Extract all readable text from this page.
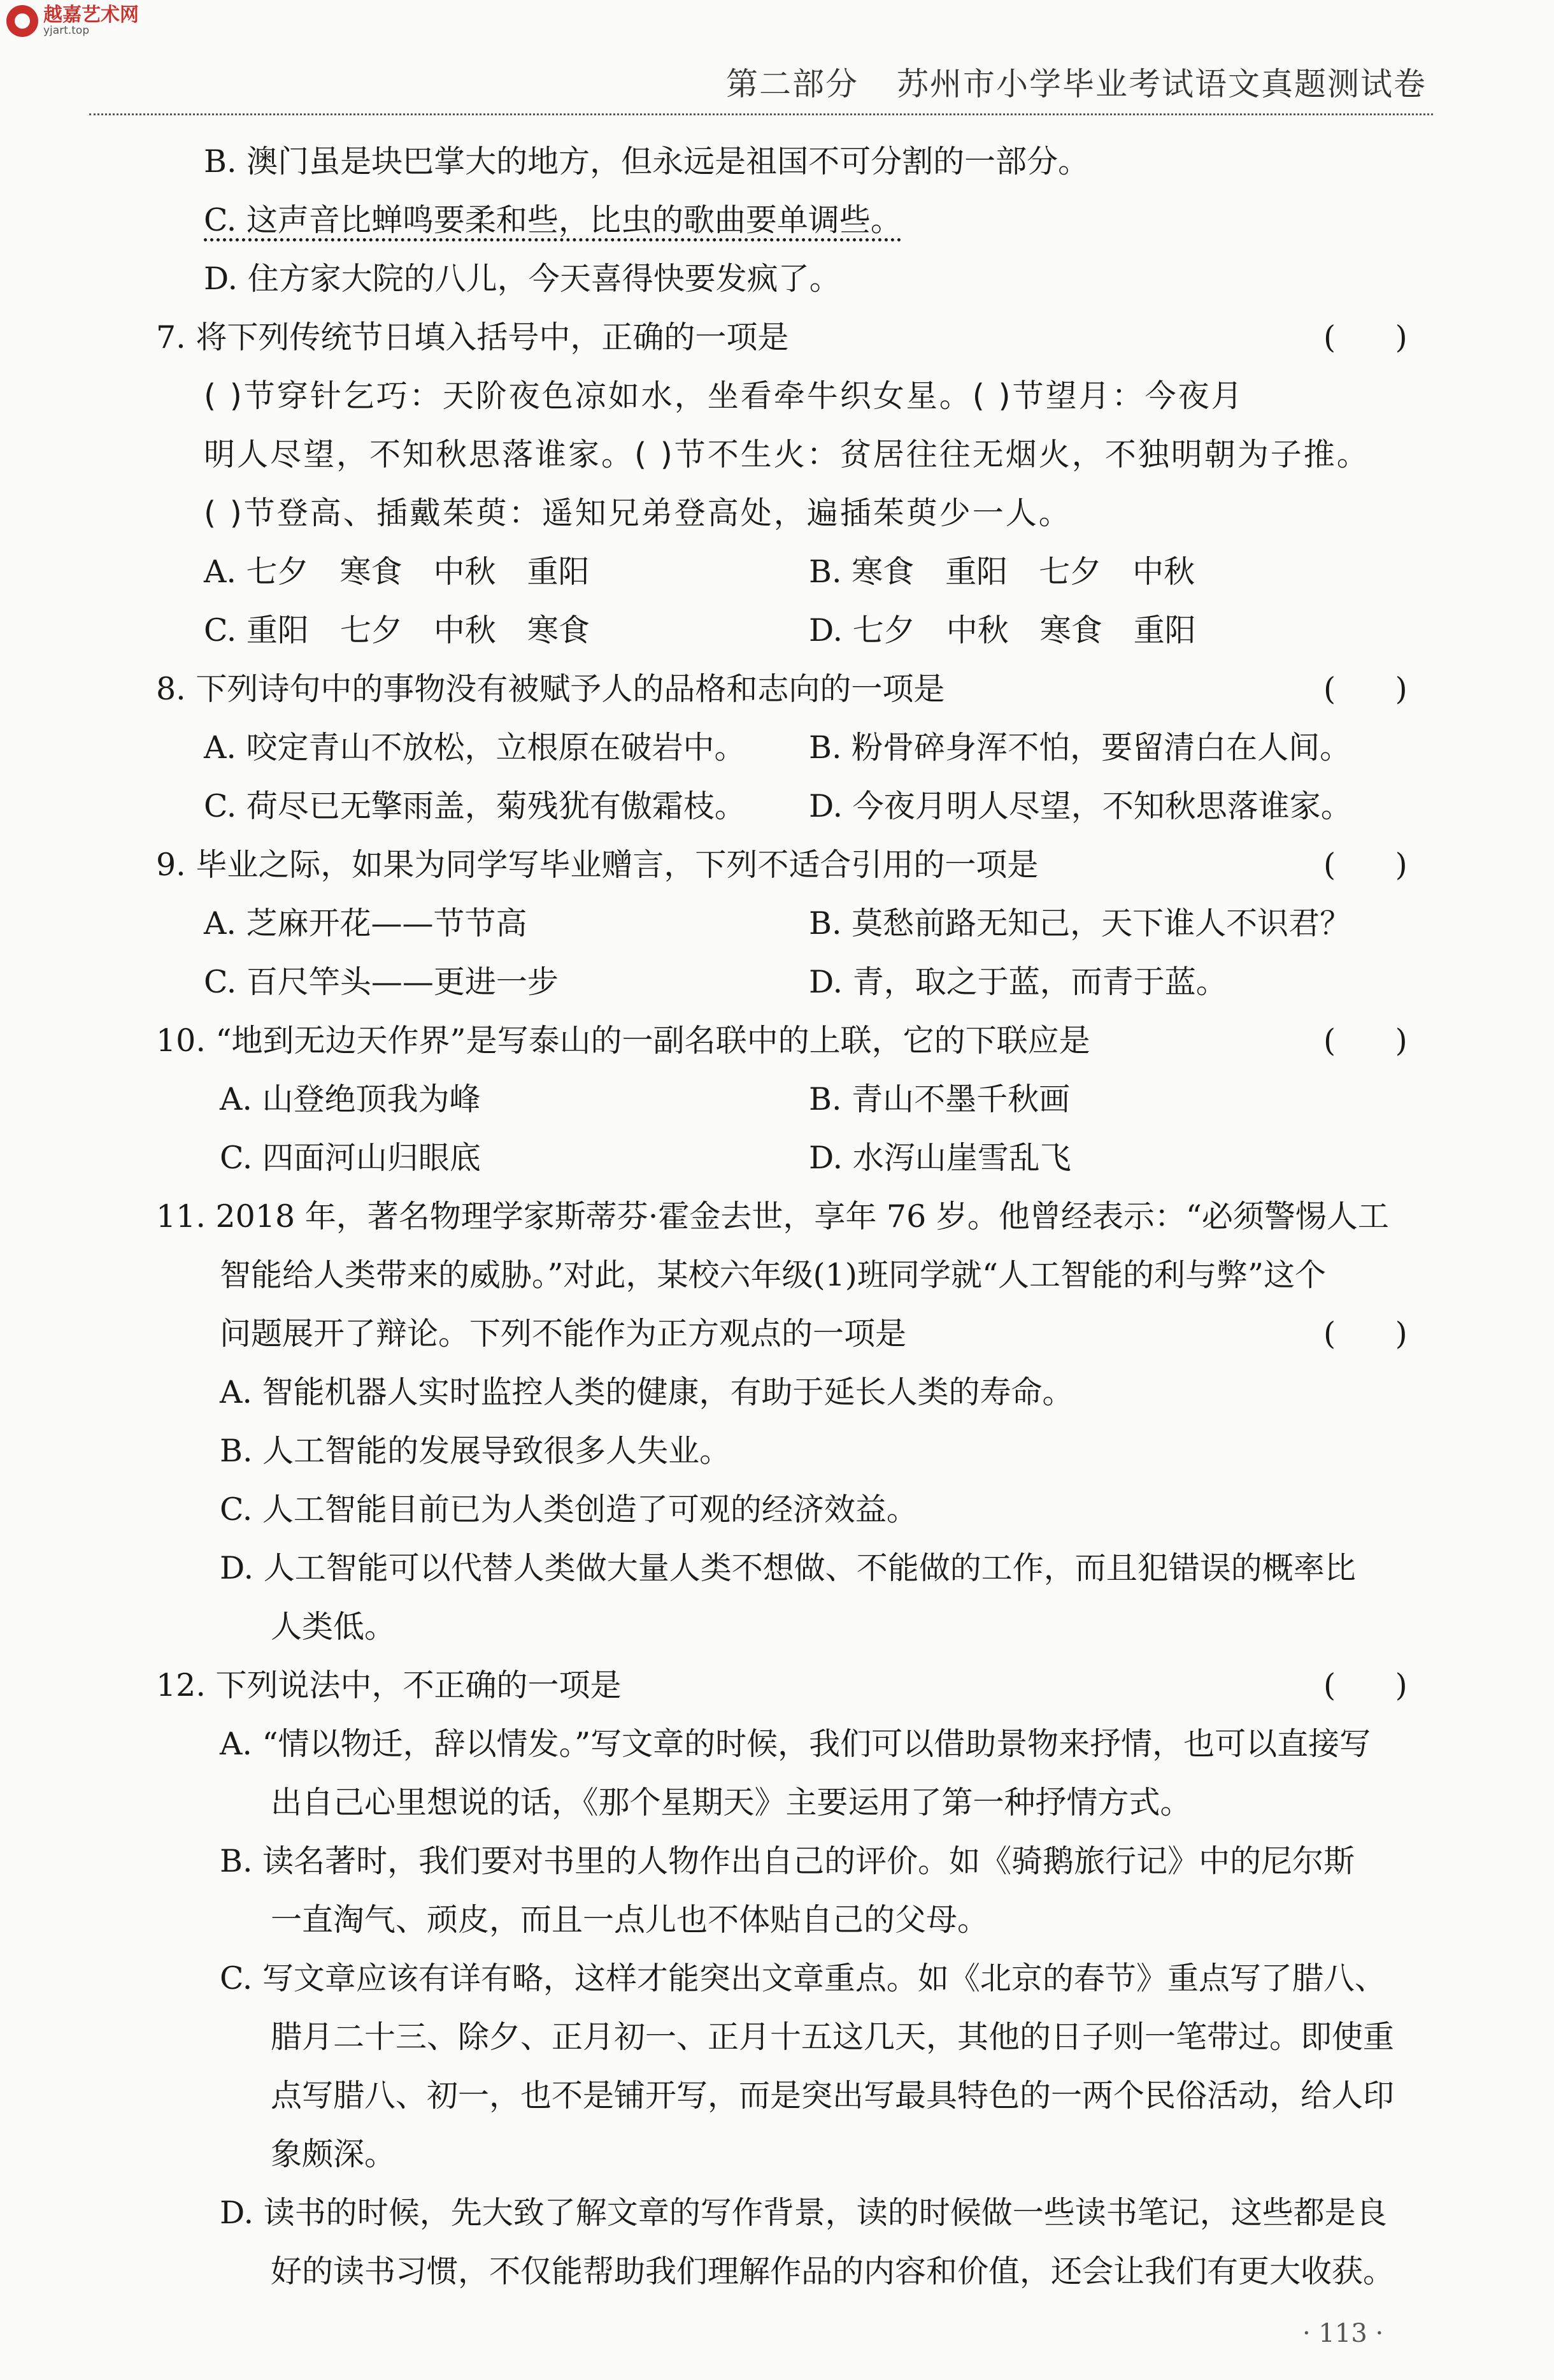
越嘉艺术网
yjart.top
第二部分 苏州市小学毕业考试语文真题测试卷
B. 澳门虽是块巴掌大的地方，但永远是祖国不可分割的一部分。
C. 这声音比蝉鸣要柔和些，比虫的歌曲要单调些。
D. 住方家大院的八儿，今天喜得快要发疯了。
7. 将下列传统节日填入括号中，正确的一项是	(      )
( )节穿针乞巧：天阶夜色凉如水，坐看牵牛织女星。( )节望月：今夜月
明人尽望，不知秋思落谁家。( )节不生火：贫居往往无烟火，不独明朝为子推。
( )节登高、插戴茱萸：遥知兄弟登高处，遍插茱萸少一人。
A. 七夕　寒食　中秋　重阳	B. 寒食　重阳　七夕　中秋
C. 重阳　七夕　中秋　寒食	D. 七夕　中秋　寒食　重阳
8. 下列诗句中的事物没有被赋予人的品格和志向的一项是	(      )
A. 咬定青山不放松，立根原在破岩中。 B. 粉骨碎身浑不怕，要留清白在人间。
C. 荷尽已无擎雨盖，菊残犹有傲霜枝。 D. 今夜月明人尽望，不知秋思落谁家。
9. 毕业之际，如果为同学写毕业赠言，下列不适合引用的一项是	(      )
A. 芝麻开花——节节高	B. 莫愁前路无知己，天下谁人不识君？
C. 百尺竿头——更进一步	D. 青，取之于蓝，而青于蓝。
10. “地到无边天作界”是写泰山的一副名联中的上联，它的下联应是	(      )
A. 山登绝顶我为峰	B. 青山不墨千秋画
C. 四面河山归眼底	D. 水泻山崖雪乱飞
11. 2018 年，著名物理学家斯蒂芬·霍金去世，享年 76 岁。他曾经表示：“必须警惕人工
智能给人类带来的威胁。”对此，某校六年级(1)班同学就“人工智能的利与弊”这个
问题展开了辩论。下列不能作为正方观点的一项是	(      )
A. 智能机器人实时监控人类的健康，有助于延长人类的寿命。
B. 人工智能的发展导致很多人失业。
C. 人工智能目前已为人类创造了可观的经济效益。
D. 人工智能可以代替人类做大量人类不想做、不能做的工作，而且犯错误的概率比
人类低。
12. 下列说法中，不正确的一项是	(      )
A. “情以物迁，辞以情发。”写文章的时候，我们可以借助景物来抒情，也可以直接写
出自己心里想说的话，《那个星期天》主要运用了第一种抒情方式。
B. 读名著时，我们要对书里的人物作出自己的评价。如《骑鹅旅行记》中的尼尔斯
一直淘气、顽皮，而且一点儿也不体贴自己的父母。
C. 写文章应该有详有略，这样才能突出文章重点。如《北京的春节》重点写了腊八、
腊月二十三、除夕、正月初一、正月十五这几天，其他的日子则一笔带过。即使重
点写腊八、初一，也不是铺开写，而是突出写最具特色的一两个民俗活动，给人印
象颇深。
D. 读书的时候，先大致了解文章的写作背景，读的时候做一些读书笔记，这些都是良
好的读书习惯，不仅能帮助我们理解作品的内容和价值，还会让我们有更大收获。
· 113 ·
